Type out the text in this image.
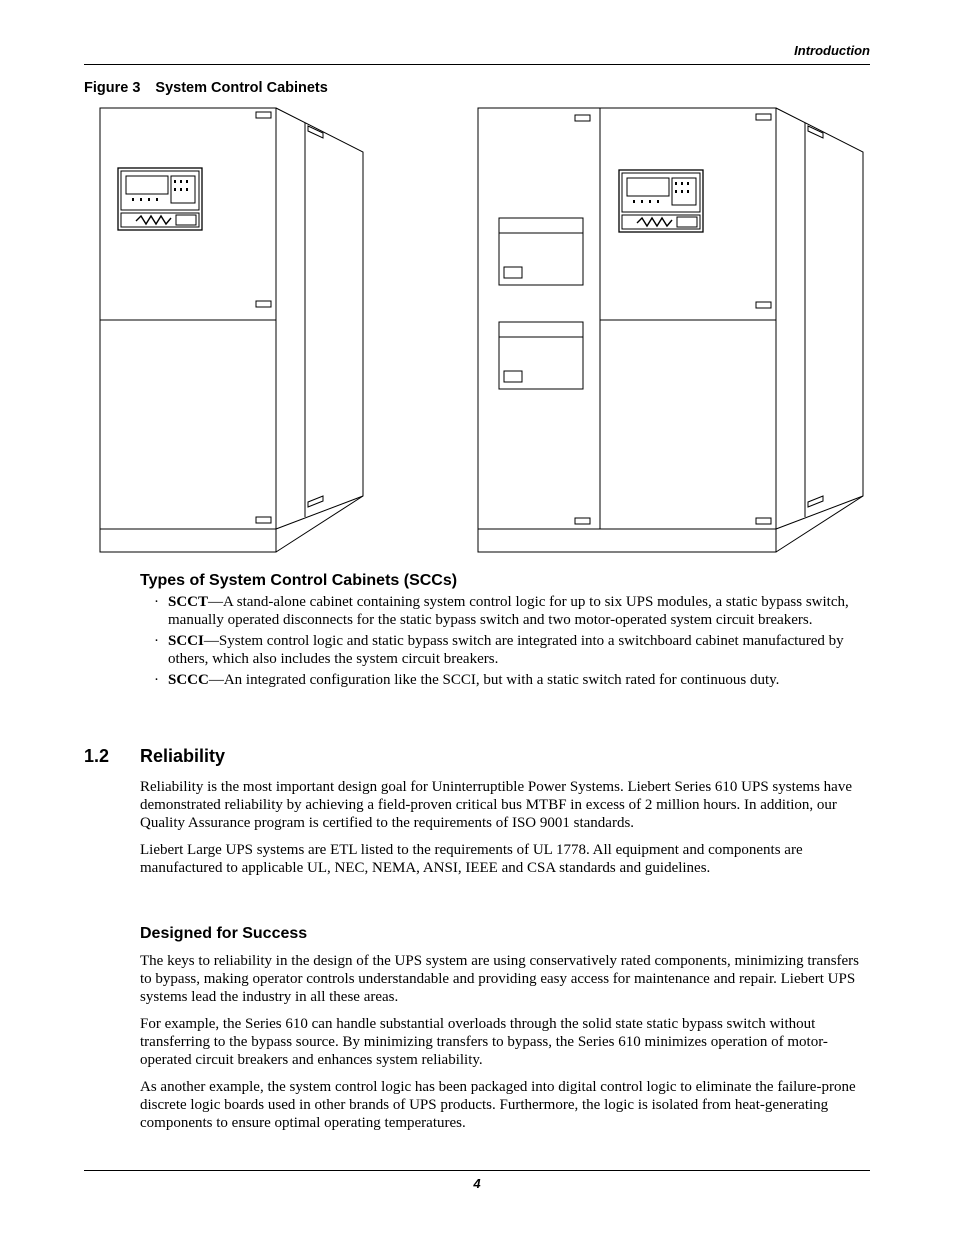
Introduction
Figure 3 System Control Cabinets
Types of System Control Cabinets (SCCs)
· SCCT—A stand-alone cabinet containing system control logic for up to six UPS modules, a static bypass switch, manually operated disconnects for the static bypass switch and two motor-operated system circuit breakers.
· SCCI—System control logic and static bypass switch are integrated into a switchboard cabinet manufactured by others, which also includes the system circuit breakers.
· SCCC—An integrated configuration like the SCCI, but with a static switch rated for continuous duty.
1.2 Reliability

Reliability is the most important design goal for Uninterruptible Power Systems. Liebert Series 610 UPS systems have demonstrated reliability by achieving a field-proven critical bus MTBF in excess of 2 million hours. In addition, our Quality Assurance program is certified to the requirements of ISO 9001 standards.

Liebert Large UPS systems are ETL listed to the requirements of UL 1778. All equipment and components are manufactured to applicable UL, NEC, NEMA, ANSI, IEEE and CSA standards and guidelines.

Designed for Success

The keys to reliability in the design of the UPS system are using conservatively rated components, minimizing transfers to bypass, making operator controls understandable and providing easy access for maintenance and repair. Liebert UPS systems lead the industry in all these areas.

For example, the Series 610 can handle substantial overloads through the solid state static bypass switch without transferring to the bypass source. By minimizing transfers to bypass, the Series 610 minimizes operation of motor-operated circuit breakers and enhances system reliability.

As another example, the system control logic has been packaged into digital control logic to eliminate the failure-prone discrete logic boards used in other brands of UPS products. Furthermore, the logic is isolated from heat-generating components to ensure optimal operating temperatures.

4
